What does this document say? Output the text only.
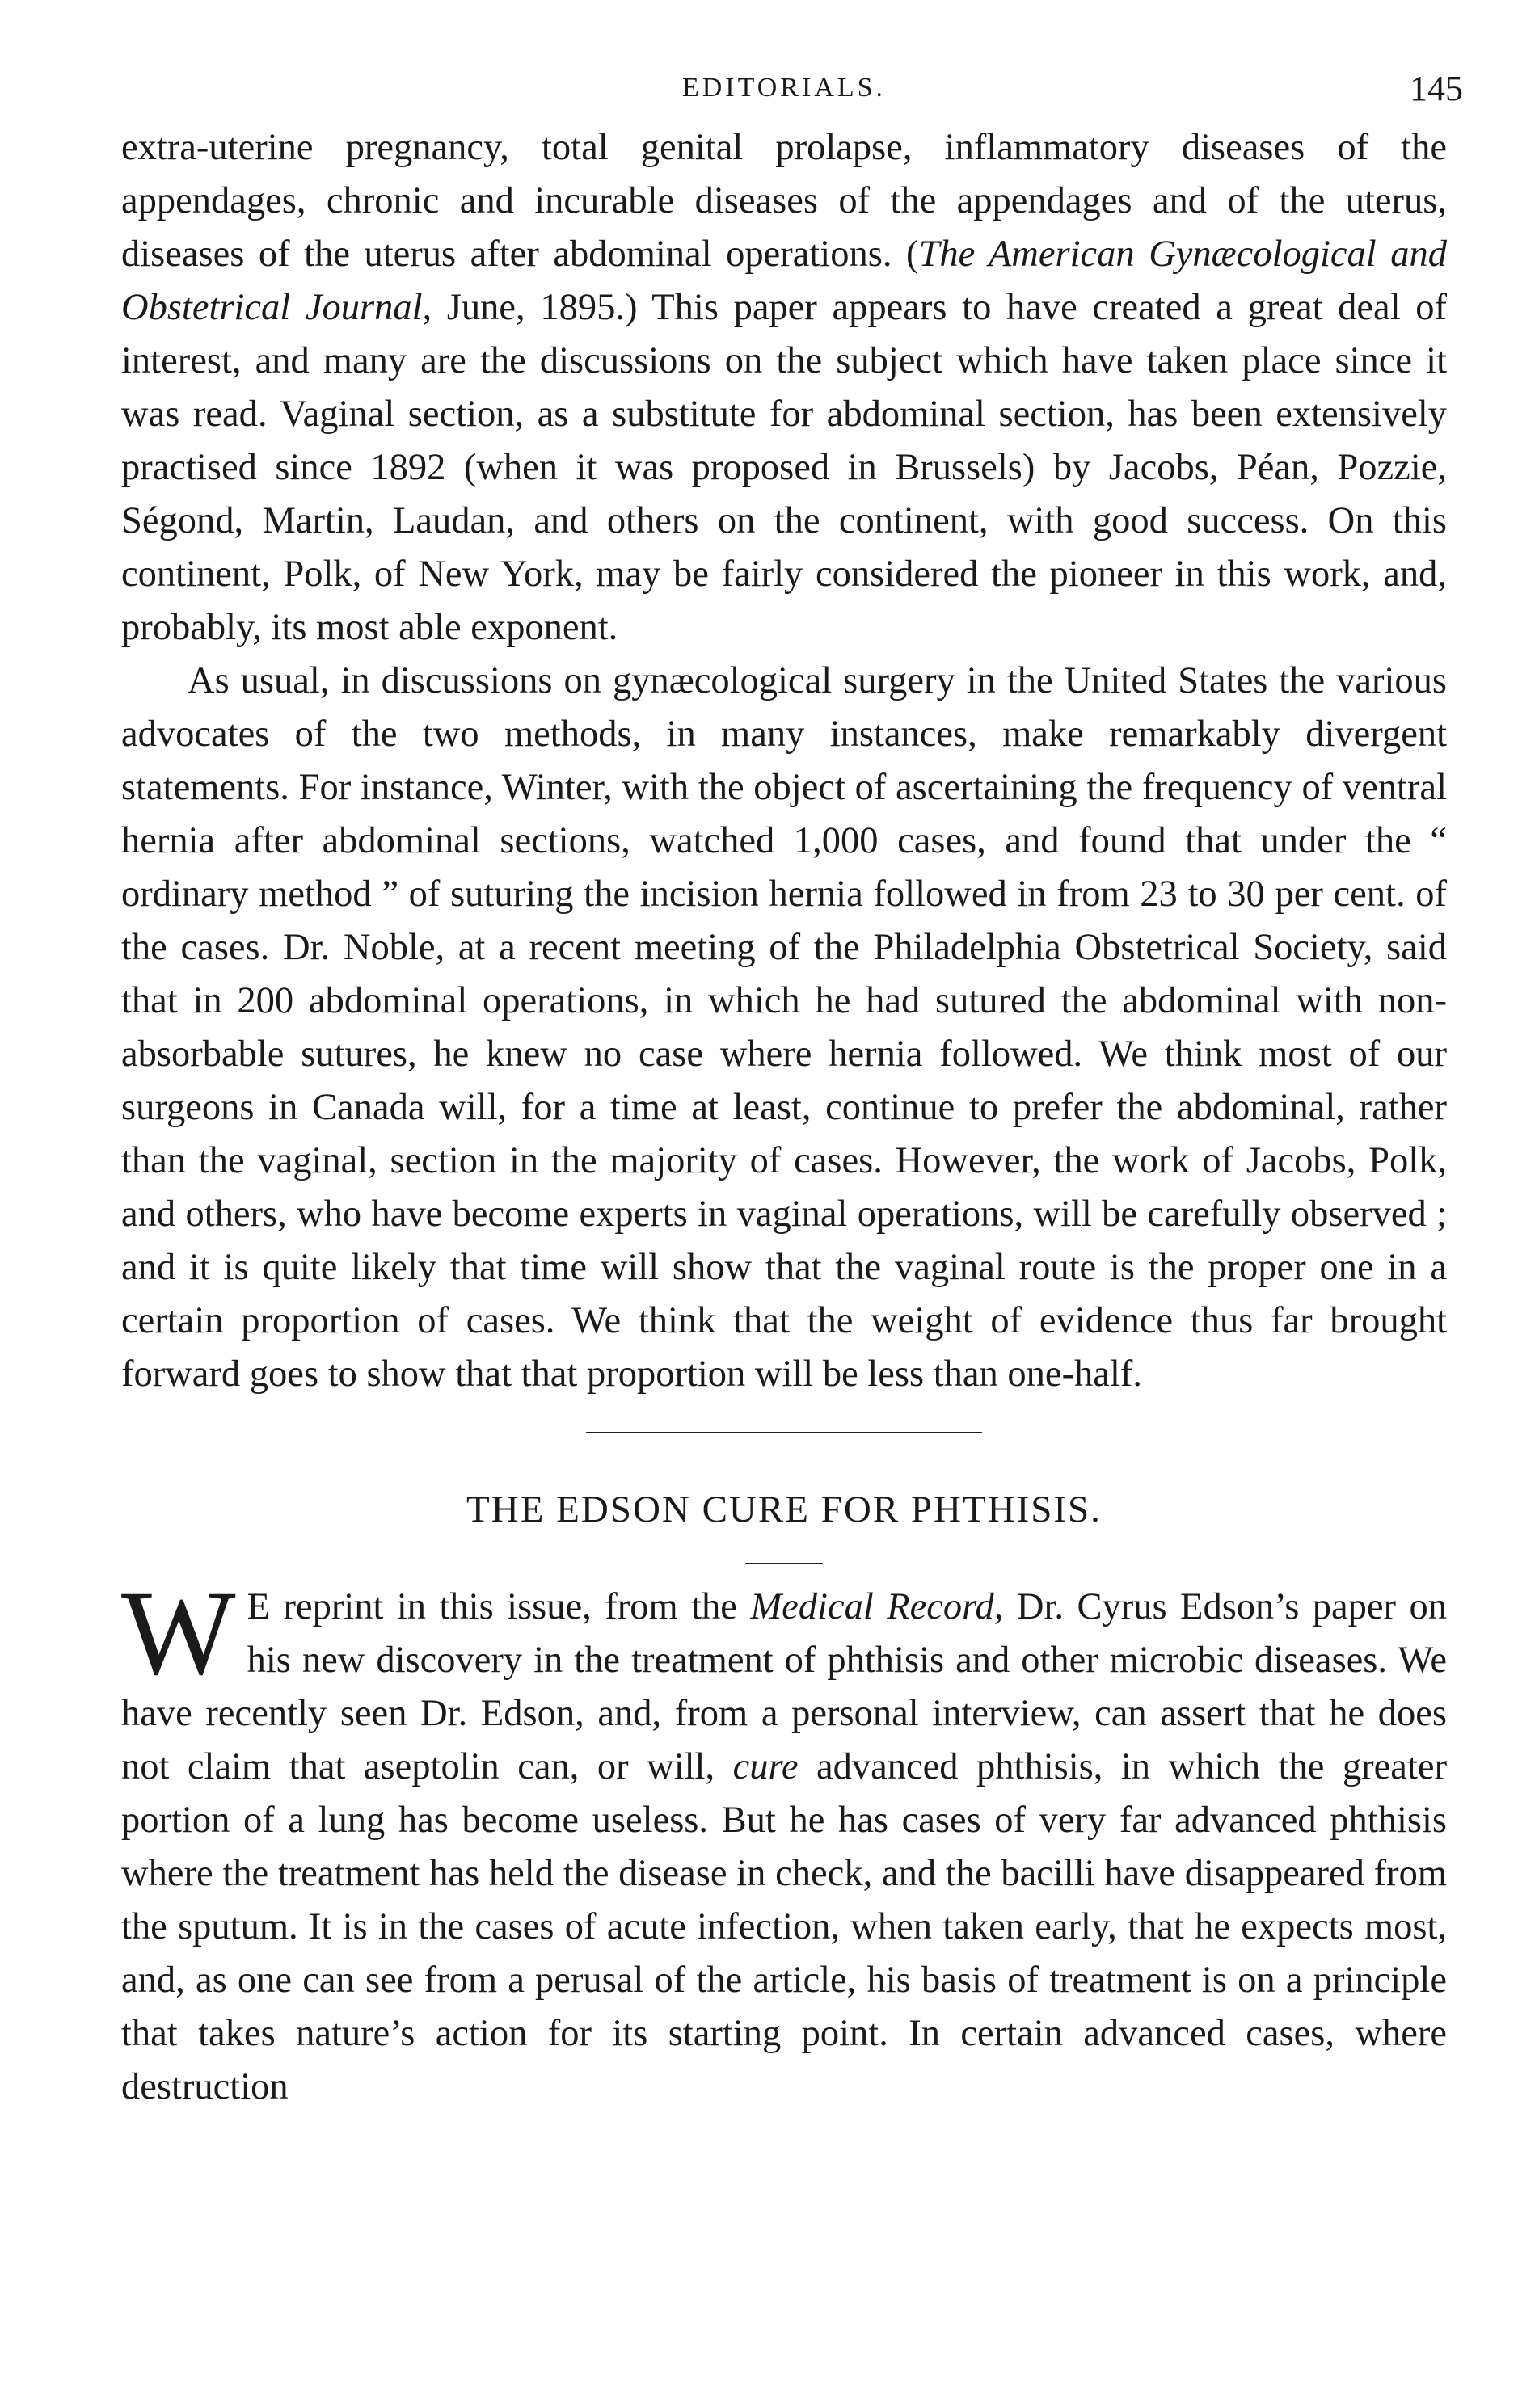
EDITORIALS.	145

extra-uterine pregnancy, total genital prolapse, inflammatory diseases of the appendages, chronic and incurable diseases of the appendages and of the uterus, diseases of the uterus after abdominal operations. (The American Gynæcological and Obstetrical Journal, June, 1895.) This paper appears to have created a great deal of interest, and many are the discussions on the subject which have taken place since it was read. Vaginal section, as a substitute for abdominal section, has been extensively practised since 1892 (when it was proposed in Brussels) by Jacobs, Péan, Pozzie, Ségond, Martin, Laudan, and others on the continent, with good success. On this continent, Polk, of New York, may be fairly considered the pioneer in this work, and, probably, its most able exponent.

As usual, in discussions on gynæcological surgery in the United States the various advocates of the two methods, in many instances, make remarkably divergent statements. For instance, Winter, with the object of ascertaining the frequency of ventral hernia after abdominal sections, watched 1,000 cases, and found that under the “ ordinary method ” of suturing the incision hernia followed in from 23 to 30 per cent. of the cases. Dr. Noble, at a recent meeting of the Philadelphia Obstetrical Society, said that in 200 abdominal operations, in which he had sutured the abdominal with non-absorbable sutures, he knew no case where hernia followed. We think most of our surgeons in Canada will, for a time at least, continue to prefer the abdominal, rather than the vaginal, section in the majority of cases. However, the work of Jacobs, Polk, and others, who have become experts in vaginal operations, will be carefully observed ; and it is quite likely that time will show that the vaginal route is the proper one in a certain proportion of cases. We think that the weight of evidence thus far brought forward goes to show that that proportion will be less than one-half.

THE EDSON CURE FOR PHTHISIS.

W E reprint in this issue, from the Medical Record, Dr. Cyrus Edson’s paper on his new discovery in the treatment of phthisis and other microbic diseases. We have recently seen Dr. Edson, and, from a personal interview, can assert that he does not claim that aseptolin can, or will, cure advanced phthisis, in which the greater portion of a lung has become useless. But he has cases of very far advanced phthisis where the treatment has held the disease in check, and the bacilli have disappeared from the sputum. It is in the cases of acute infection, when taken early, that he expects most, and, as one can see from a perusal of the article, his basis of treatment is on a principle that takes nature’s action for its starting point. In certain advanced cases, where destruction
